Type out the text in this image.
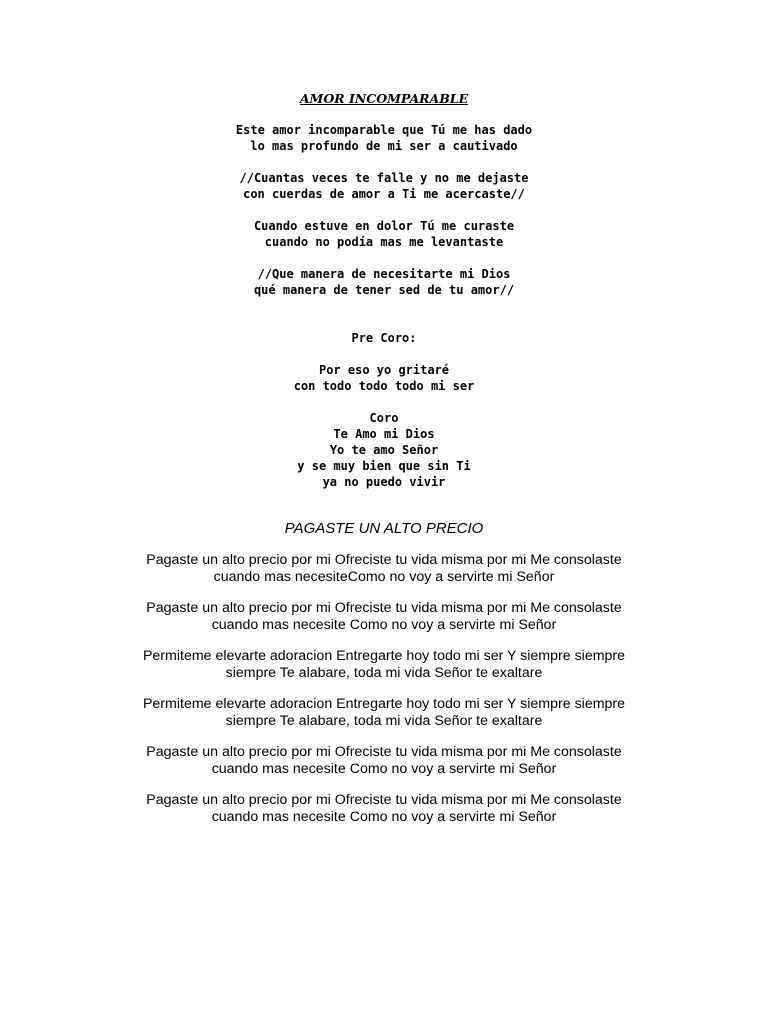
AMOR INCOMPARABLE
Este amor incomparable que Tú me has dado
lo mas profundo de mi ser a cautivado
//Cuantas veces te falle y no me dejaste
con cuerdas de amor a Ti me acercaste//
Cuando estuve en dolor Tú me curaste
cuando no podía mas me levantaste
//Que manera de necesitarte mi Dios
qué manera de tener sed de tu amor//
Pre Coro:
Por eso yo gritaré
con todo todo todo mi ser
Coro
Te Amo mi Dios
Yo te amo Señor
y se muy bien que sin Ti
ya no puedo vivir
PAGASTE UN ALTO PRECIO
Pagaste un alto precio por mi Ofreciste tu vida misma por mi Me consolaste
cuando mas necesiteComo no voy a servirte mi Señor
Pagaste un alto precio por mi Ofreciste tu vida misma por mi Me consolaste
cuando mas necesite Como no voy a servirte mi Señor
Permiteme elevarte adoracion Entregarte hoy todo mi ser Y siempre siempre
siempre Te alabare, toda mi vida Señor te exaltare
Permiteme elevarte adoracion Entregarte hoy todo mi ser Y siempre siempre
siempre Te alabare, toda mi vida Señor te exaltare
Pagaste un alto precio por mi Ofreciste tu vida misma por mi Me consolaste
cuando mas necesite Como no voy a servirte mi Señor
Pagaste un alto precio por mi Ofreciste tu vida misma por mi Me consolaste
cuando mas necesite Como no voy a servirte mi Señor
